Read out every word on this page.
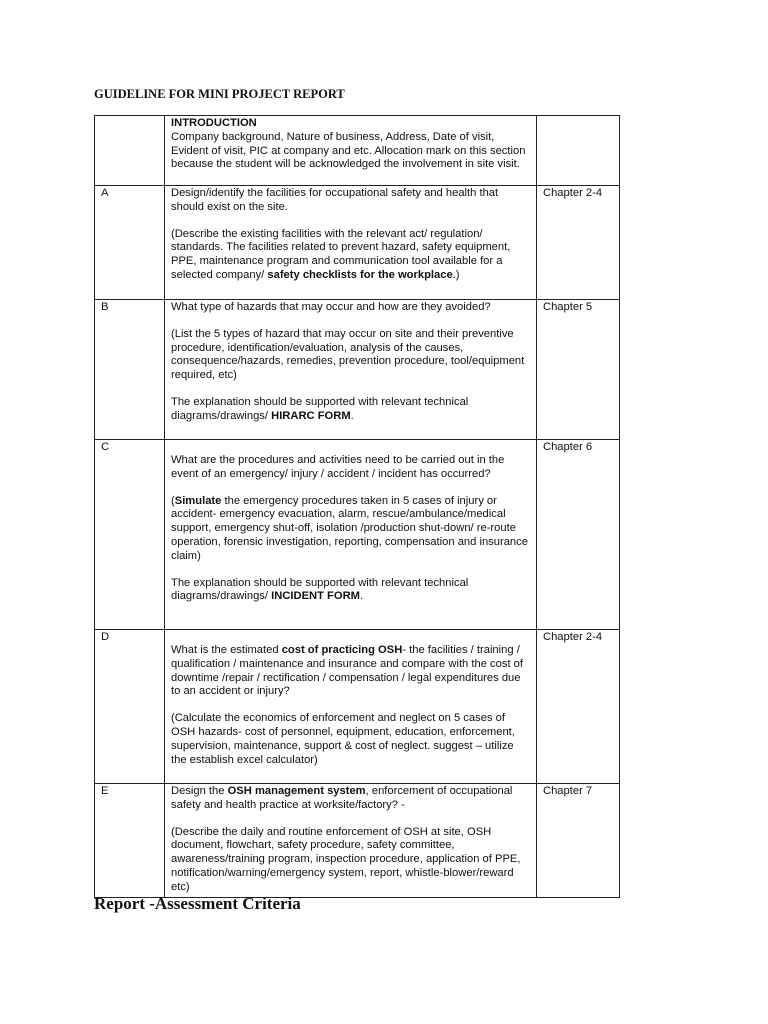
GUIDELINE FOR MINI PROJECT REPORT

	INTRODUCTION

Company background, Nature of business, Address, Date of visit, Evident of visit, PIC at company and etc. Allocation mark on this section because the student will be acknowledged the involvement in site visit.	

A	Design/identify the facilities for occupational safety and health that should exist on the site.

(Describe the existing facilities with the relevant act/ regulation/ standards. The facilities related to prevent hazard, safety equipment, PPE, maintenance program and communication tool available for a selected company/ safety checklists for the workplace.)	Chapter 2-4
B	What type of hazards that may occur and how are they avoided?

(List the 5 types of hazard that may occur on site and their preventive procedure, identification/evaluation, analysis of the causes, consequence/hazards, remedies, prevention procedure, tool/equipment required, etc)

The explanation should be supported with relevant technical diagrams/drawings/ HIRARC FORM.	Chapter 5
C	What are the procedures and activities need to be carried out in the event of an emergency/ injury / accident / incident has occurred?

(Simulate the emergency procedures taken in 5 cases of injury or accident- emergency evacuation, alarm, rescue/ambulance/medical support, emergency shut-off, isolation /production shut-down/ re-route operation, forensic investigation, reporting, compensation and insurance claim)

The explanation should be supported with relevant technical diagrams/drawings/ INCIDENT FORM.	Chapter 6
D	What is the estimated cost of practicing OSH- the facilities / training / qualification / maintenance and insurance and compare with the cost of downtime /repair / rectification / compensation / legal expenditures due to an accident or injury?

(Calculate the economics of enforcement and neglect on 5 cases of OSH hazards- cost of personnel, equipment, education, enforcement, supervision, maintenance, support & cost of neglect. suggest – utilize the establish excel calculator)	Chapter 2-4
E	Design the OSH management system, enforcement of occupational safety and health practice at worksite/factory? -

(Describe the daily and routine enforcement of OSH at site, OSH document, flowchart, safety procedure, safety committee, awareness/training program, inspection procedure, application of PPE, notification/warning/emergency system, report, whistle-blower/reward etc)	Chapter 7
Report -Assessment Criteria
